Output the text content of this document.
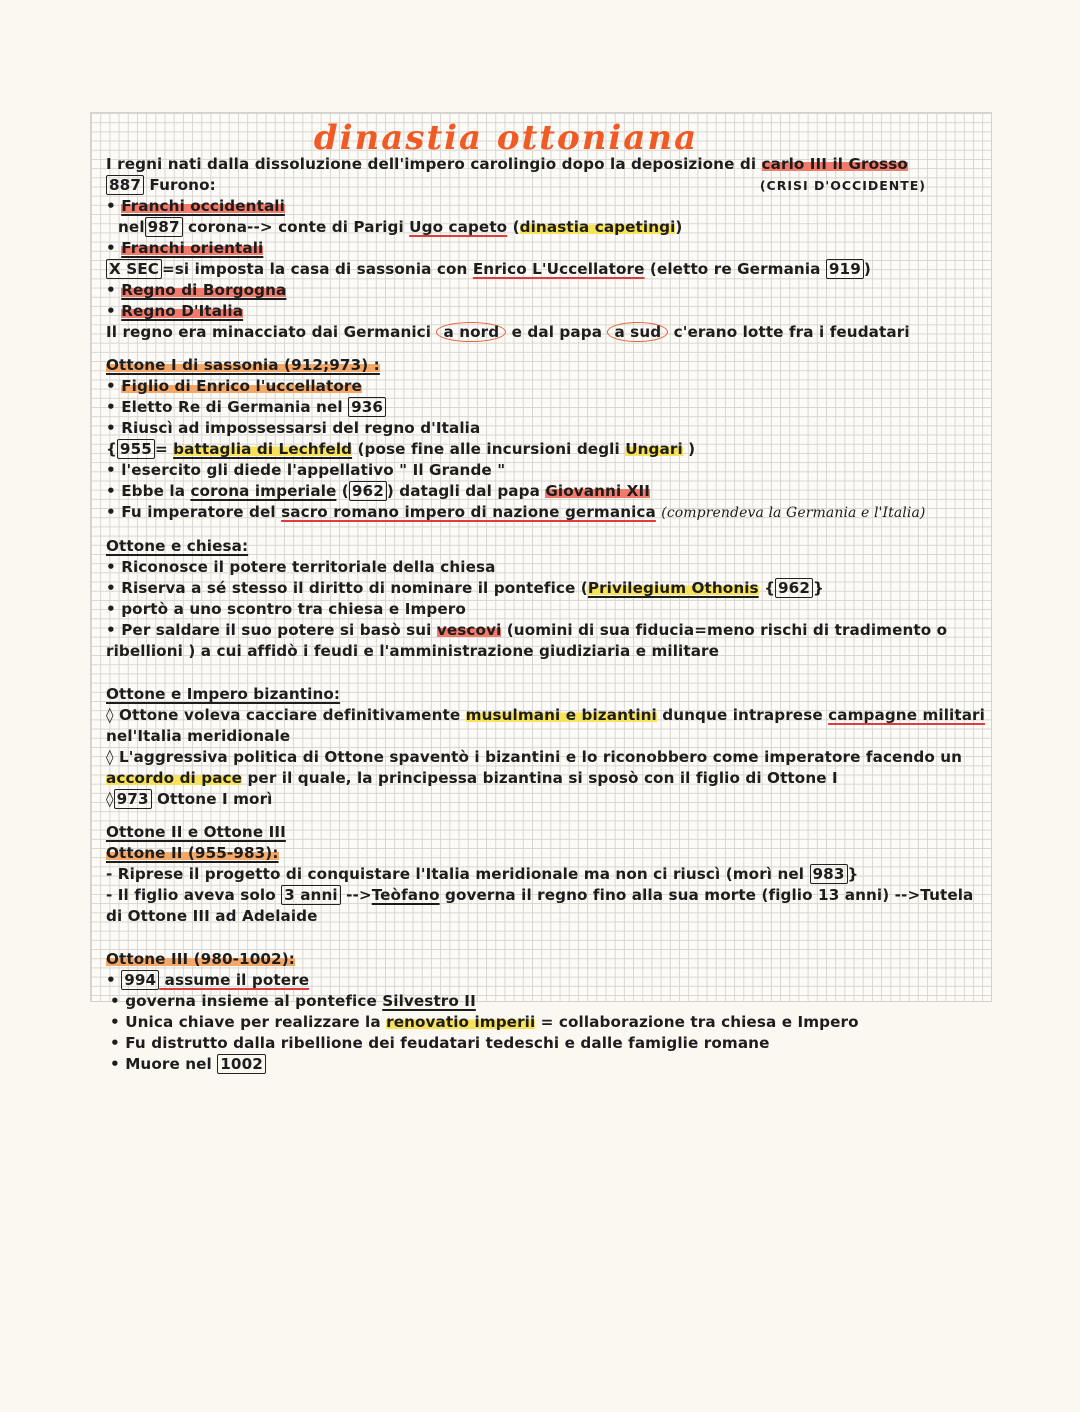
dinastia ottoniana
I regni nati dalla dissoluzione dell'impero carolingio dopo la deposizione di carlo III il Grosso
887 Furono:	(CRISI D'OCCIDENTE)
• Franchi occidentali
nel 987 corona--> conte di Parigi Ugo capeto (dinastia capetingi)
• Franchi orientali
X SEC =si imposta la casa di sassonia con Enrico L'Uccellatore (eletto re Germania 919 )
• Regno di Borgogna
• Regno D'Italia
Il regno era minacciato dai Germanici a nord e dal papa a sud c'erano lotte fra i feudatari
Ottone I di sassonia (912;973) :
• Figlio di Enrico l'uccellatore
• Eletto Re di Germania nel 936
• Riuscì ad impossessarsi del regno d'Italia
{ 955 = battaglia di Lechfeld (pose fine alle incursioni degli Ungari )
• l'esercito gli diede l'appellativo " Il Grande "
• Ebbe la corona imperiale ( 962 ) datagli dal papa Giovanni XII
• Fu imperatore del sacro romano impero di nazione germanica (comprendeva la Germania e l'Italia)
Ottone e chiesa:
• Riconosce il potere territoriale della chiesa
• Riserva a sé stesso il diritto di nominare il pontefice (Privilegium Othonis { 962 }
• portò a uno scontro tra chiesa e Impero
• Per saldare il suo potere si basò sui vescovi (uomini di sua fiducia=meno rischi di tradimento o ribellioni ) a cui affidò i feudi e l'amministrazione giudiziaria e militare
Ottone e Impero bizantino:
◊ Ottone voleva cacciare definitivamente musulmani e bizantini dunque intraprese campagne militari nel'Italia meridionale
◊ L'aggressiva politica di Ottone spaventò i bizantini e lo riconobbero come imperatore facendo un accordo di pace per il quale, la principessa bizantina si sposò con il figlio di Ottone I
◊ 973 Ottone I morì
Ottone II e Ottone III
Ottone II (955-983):
- Riprese il progetto di conquistare l'Italia meridionale ma non ci riuscì (morì nel 983 }
- Il figlio aveva solo 3 anni -->Teòfano governa il regno fino alla sua morte (figlio 13 anni) -->Tutela di Ottone III ad Adelaide
Ottone III (980-1002):
• 994 assume il potere
• governa insieme al pontefice Silvestro II
• Unica chiave per realizzare la renovatio imperii = collaborazione tra chiesa e Impero
• Fu distrutto dalla ribellione dei feudatari tedeschi e dalle famiglie romane
• Muore nel 1002
